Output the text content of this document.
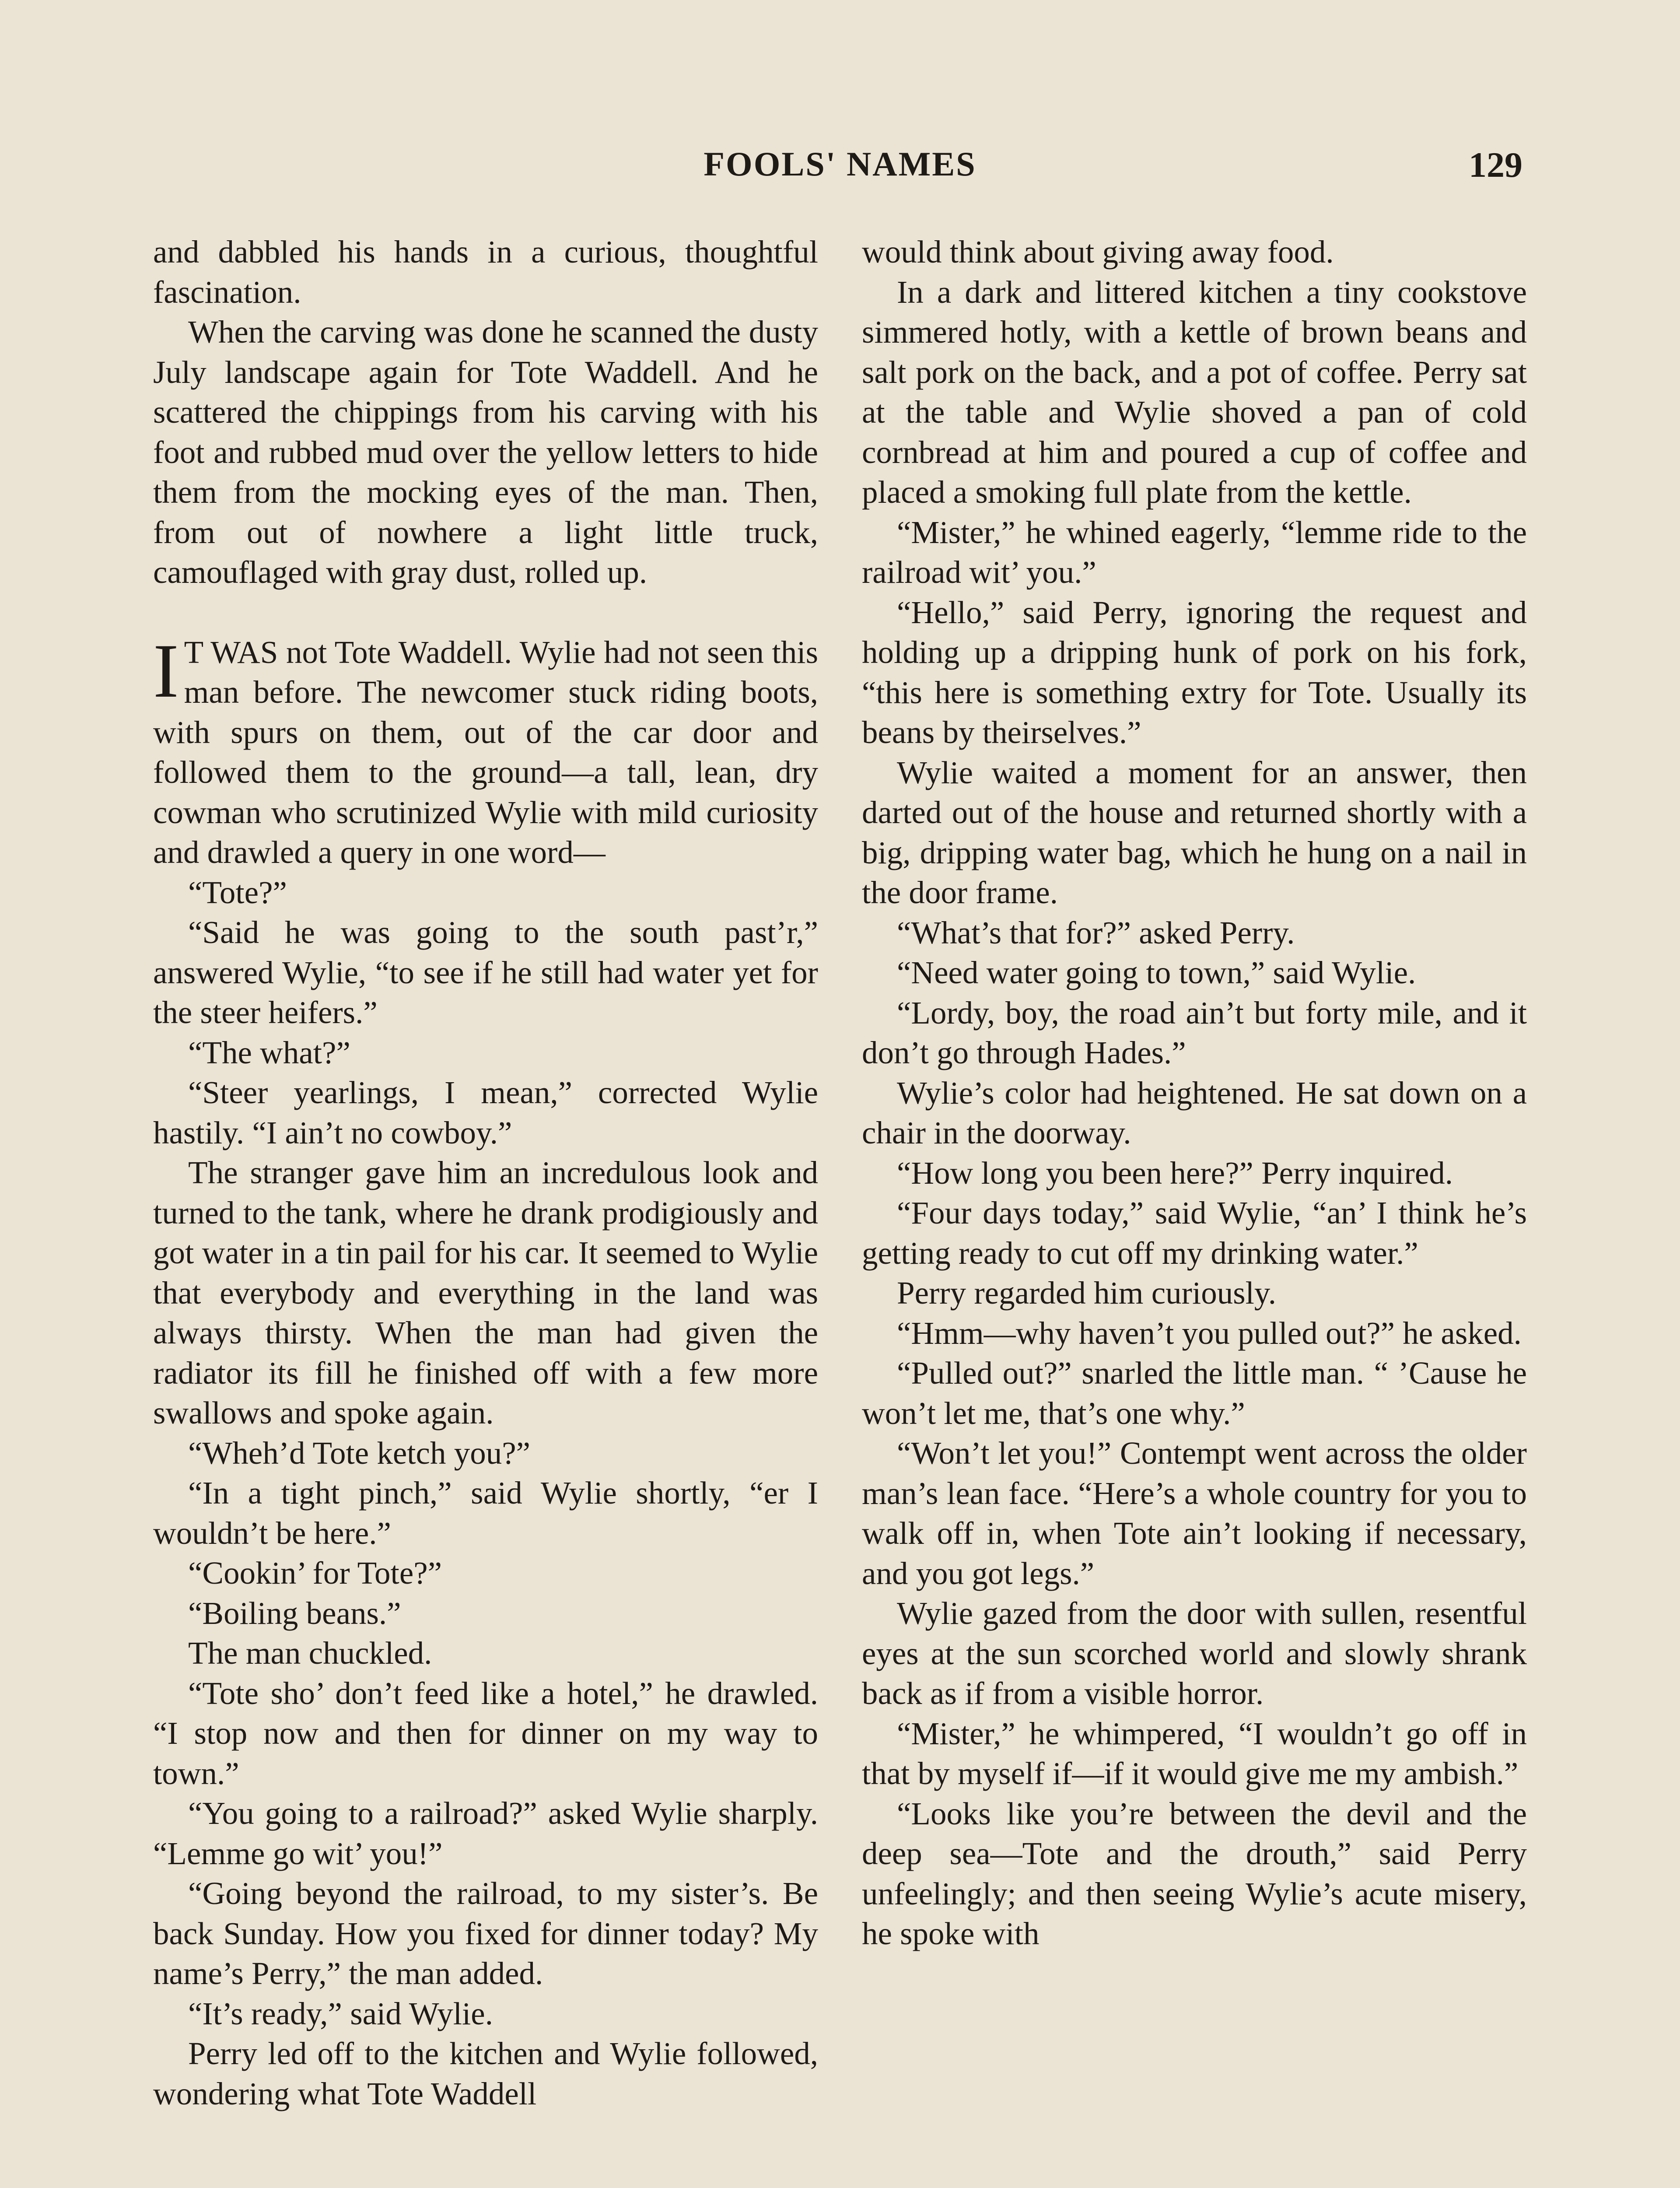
FOOLS' NAMES	129

and dabbled his hands in a curious, thoughtful fascination.

When the carving was done he scanned the dusty July landscape again for Tote Waddell. And he scattered the chippings from his carving with his foot and rubbed mud over the yellow letters to hide them from the mocking eyes of the man. Then, from out of nowhere a light little truck, camouflaged with gray dust, rolled up.

I T WAS not Tote Waddell. Wylie had not seen this man before. The newcomer stuck riding boots, with spurs on them, out of the car door and followed them to the ground—a tall, lean, dry cowman who scrutinized Wylie with mild curiosity and drawled a query in one word—

“Tote?”

“Said he was going to the south past’r,” answered Wylie, “to see if he still had water yet for the steer heifers.”

“The what?”

“Steer yearlings, I mean,” corrected Wylie hastily. “I ain’t no cowboy.”

The stranger gave him an incredulous look and turned to the tank, where he drank prodigiously and got water in a tin pail for his car. It seemed to Wylie that everybody and everything in the land was always thirsty. When the man had given the radiator its fill he finished off with a few more swallows and spoke again.

“Wheh’d Tote ketch you?”

“In a tight pinch,” said Wylie shortly, “er I wouldn’t be here.”

“Cookin’ for Tote?”

“Boiling beans.”

The man chuckled.

“Tote sho’ don’t feed like a hotel,” he drawled. “I stop now and then for dinner on my way to town.”

“You going to a railroad?” asked Wylie sharply. “Lemme go wit’ you!”

“Going beyond the railroad, to my sister’s. Be back Sunday. How you fixed for dinner today? My name’s Perry,” the man added.

“It’s ready,” said Wylie.

Perry led off to the kitchen and Wylie followed, wondering what Tote Waddell

would think about giving away food.

In a dark and littered kitchen a tiny cookstove simmered hotly, with a kettle of brown beans and salt pork on the back, and a pot of coffee. Perry sat at the table and Wylie shoved a pan of cold cornbread at him and poured a cup of coffee and placed a smoking full plate from the kettle.

“Mister,” he whined eagerly, “lemme ride to the railroad wit’ you.”

“Hello,” said Perry, ignoring the request and holding up a dripping hunk of pork on his fork, “this here is something extry for Tote. Usually its beans by theirselves.”

Wylie waited a moment for an answer, then darted out of the house and returned shortly with a big, dripping water bag, which he hung on a nail in the door frame.

“What’s that for?” asked Perry.

“Need water going to town,” said Wylie.

“Lordy, boy, the road ain’t but forty mile, and it don’t go through Hades.”

Wylie’s color had heightened. He sat down on a chair in the doorway.

“How long you been here?” Perry inquired.

“Four days today,” said Wylie, “an’ I think he’s getting ready to cut off my drinking water.”

Perry regarded him curiously.

“Hmm—why haven’t you pulled out?” he asked.

“Pulled out?” snarled the little man. “ ’Cause he won’t let me, that’s one why.”

“Won’t let you!” Contempt went across the older man’s lean face. “Here’s a whole country for you to walk off in, when Tote ain’t looking if necessary, and you got legs.”

Wylie gazed from the door with sullen, resentful eyes at the sun scorched world and slowly shrank back as if from a visible horror.

“Mister,” he whimpered, “I wouldn’t go off in that by myself if—if it would give me my ambish.”

“Looks like you’re between the devil and the deep sea—Tote and the drouth,” said Perry unfeelingly; and then seeing Wylie’s acute misery, he spoke with
